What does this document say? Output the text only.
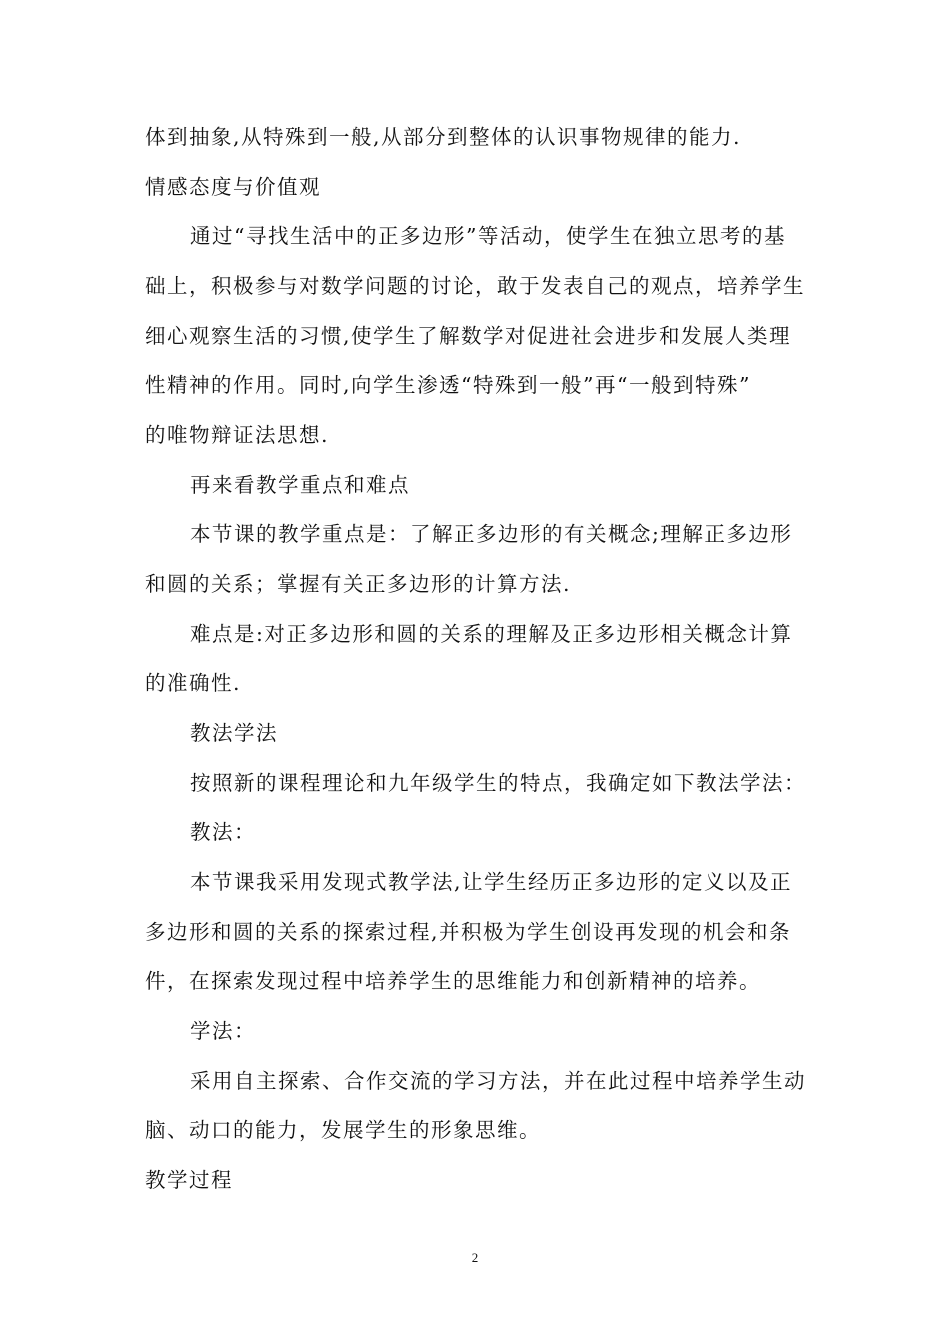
体到抽象,从特殊到一般,从部分到整体的认识事物规律的能力.
情感态度与价值观
通过“寻找生活中的正多边形”等活动，使学生在独立思考的基
础上，积极参与对数学问题的讨论，敢于发表自己的观点，培养学生
细心观察生活的习惯,使学生了解数学对促进社会进步和发展人类理
性精神的作用。同时,向学生渗透“特殊到一般”再“一般到特殊”
的唯物辩证法思想.
再来看教学重点和难点
本节课的教学重点是：了解正多边形的有关概念;理解正多边形
和圆的关系；掌握有关正多边形的计算方法.
难点是:对正多边形和圆的关系的理解及正多边形相关概念计算
的准确性.
教法学法
按照新的课程理论和九年级学生的特点，我确定如下教法学法：
教法：
本节课我采用发现式教学法,让学生经历正多边形的定义以及正
多边形和圆的关系的探索过程,并积极为学生创设再发现的机会和条
件，在探索发现过程中培养学生的思维能力和创新精神的培养。
学法：
采用自主探索、合作交流的学习方法，并在此过程中培养学生动
脑、动口的能力，发展学生的形象思维。
教学过程
2
